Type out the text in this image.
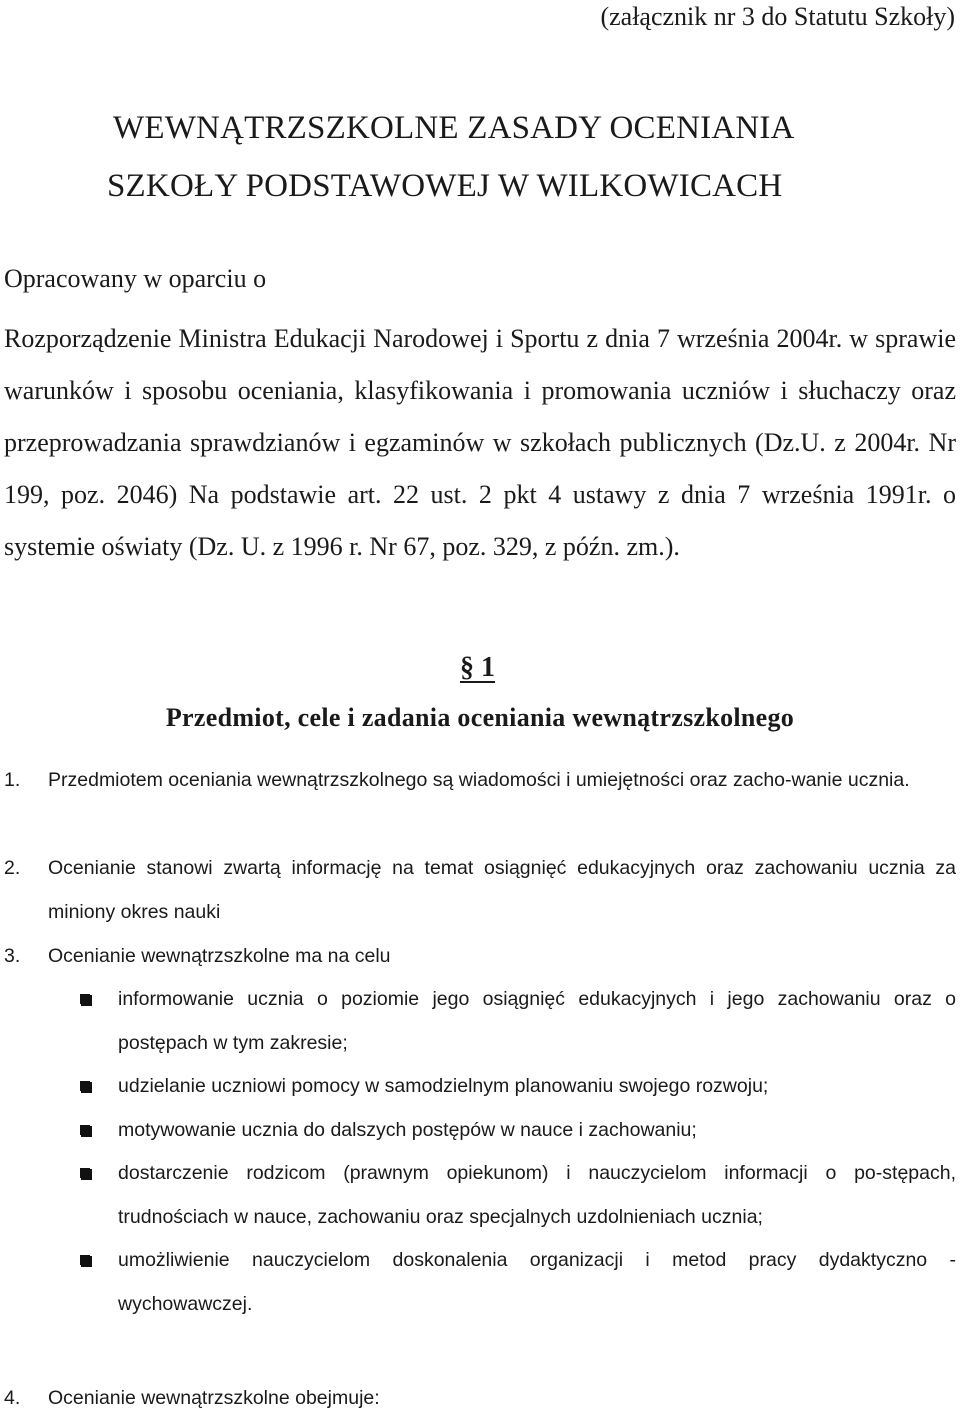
(załącznik nr 3 do Statutu Szkoły)
WEWNĄTRZSZKOLNE ZASADY OCENIANIA
SZKOŁY PODSTAWOWEJ W WILKOWICACH
Opracowany w oparciu o
Rozporządzenie Ministra Edukacji Narodowej i Sportu z dnia 7 września 2004r. w sprawie warunków i sposobu oceniania, klasyfikowania i promowania uczniów i słuchaczy oraz przeprowadzania sprawdzianów i egzaminów w szkołach publicznych (Dz.U. z 2004r. Nr 199, poz. 2046) Na podstawie art. 22 ust. 2 pkt 4 ustawy z dnia 7 września 1991r. o systemie oświaty (Dz. U. z 1996 r. Nr 67, poz. 329, z późn. zm.).
§ 1
Przedmiot, cele i zadania oceniania wewnątrzszkolnego
1. Przedmiotem oceniania wewnątrzszkolnego są wiadomości i umiejętności oraz zacho-wanie ucznia.
2. Ocenianie stanowi zwartą informację na temat osiągnięć edukacyjnych oraz zachowaniu ucznia za miniony okres nauki
3. Ocenianie wewnątrzszkolne ma na celu
informowanie ucznia o poziomie jego osiągnięć edukacyjnych i jego zachowaniu oraz o postępach w tym zakresie;
udzielanie uczniowi pomocy w samodzielnym planowaniu swojego rozwoju;
motywowanie ucznia do dalszych postępów w nauce i zachowaniu;
dostarczenie rodzicom (prawnym opiekunom) i nauczycielom informacji o po-stępach, trudnościach w nauce, zachowaniu oraz specjalnych uzdolnieniach ucznia;
umożliwienie nauczycielom doskonalenia organizacji i metod pracy dydaktyczno - wychowawczej.
4. Ocenianie wewnątrzszkolne obejmuje:
